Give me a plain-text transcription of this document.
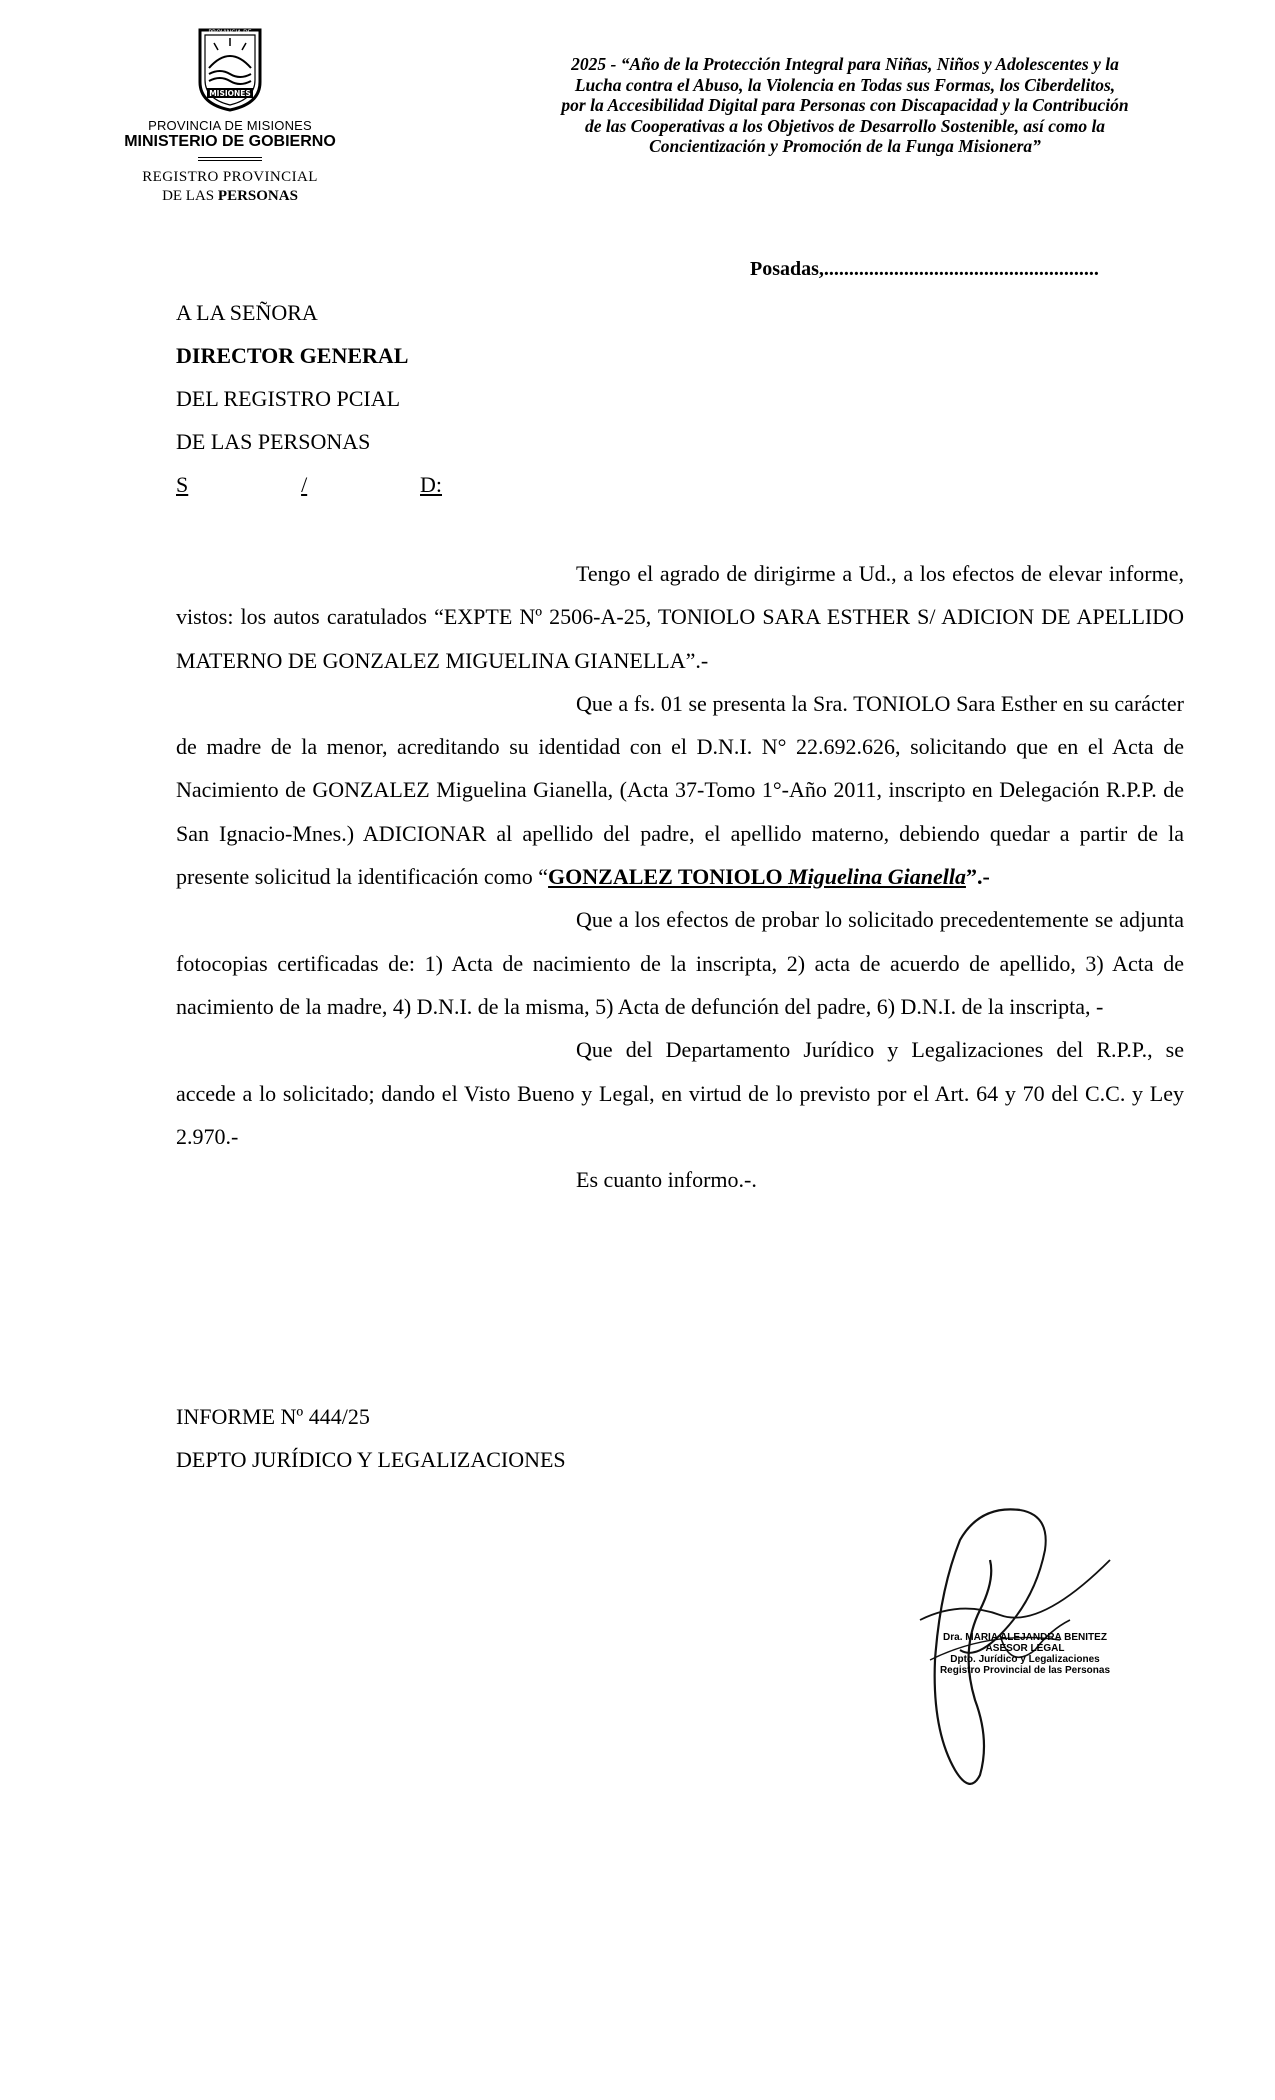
PROVINCIA DE
MISIONES
PROVINCIA DE MISIONES
MINISTERIO DE GOBIERNO
REGISTRO PROVINCIAL
DE LAS PERSONAS
2025 - “Año de la Protección Integral para Niñas, Niños y Adolescentes y la
Lucha contra el Abuso, la Violencia en Todas sus Formas, los Ciberdelitos,
por la Accesibilidad Digital para Personas con Discapacidad y la Contribución
de las Cooperativas a los Objetivos de Desarrollo Sostenible, así como la
Concientización y Promoción de la Funga Misionera”
Posadas,.......................................................
A LA SEÑORA
DIRECTOR GENERAL
DEL REGISTRO PCIAL
DE LAS PERSONAS
S	/	D:

Tengo el agrado de dirigirme a Ud., a los efectos de elevar informe, vistos: los autos caratulados “EXPTE Nº 2506-A-25, TONIOLO SARA ESTHER S/ ADICION DE APELLIDO MATERNO DE GONZALEZ MIGUELINA GIANELLA”.-

Que a fs. 01 se presenta la Sra. TONIOLO Sara Esther en su carácter de madre de la menor, acreditando su identidad con el D.N.I. N° 22.692.626, solicitando que en el Acta de Nacimiento de GONZALEZ Miguelina Gianella, (Acta 37-Tomo 1°-Año 2011, inscripto en Delegación R.P.P. de San Ignacio-Mnes.) ADICIONAR al apellido del padre, el apellido materno, debiendo quedar a partir de la presente solicitud la identificación como “GONZALEZ TONIOLO Miguelina Gianella”.-

Que a los efectos de probar lo solicitado precedentemente se adjunta fotocopias certificadas de: 1) Acta de nacimiento de la inscripta, 2) acta de acuerdo de apellido, 3) Acta de nacimiento de la madre, 4) D.N.I. de la misma, 5) Acta de defunción del padre, 6) D.N.I. de la inscripta, -

Que del Departamento Jurídico y Legalizaciones del R.P.P., se accede a lo solicitado; dando el Visto Bueno y Legal, en virtud de lo previsto por el Art. 64 y 70 del C.C. y Ley 2.970.-

Es cuanto informo.-.

INFORME Nº 444/25
DEPTO JURÍDICO Y LEGALIZACIONES
Dra. MARIA ALEJANDRA BENITEZ
ASESOR LEGAL
Dpto. Jurídico y Legalizaciones
Registro Provincial de las Personas
